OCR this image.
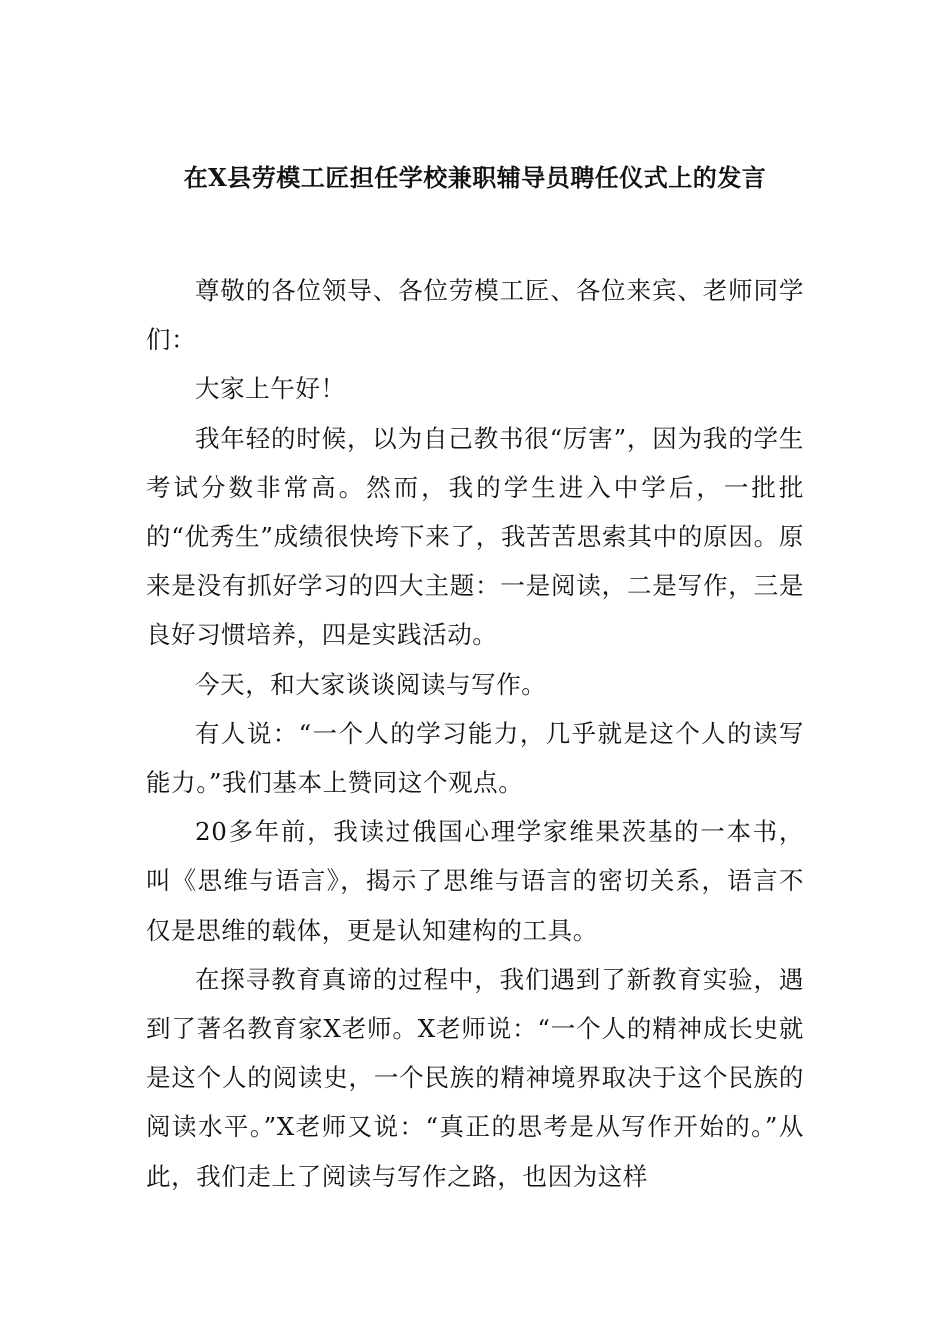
在X县劳模工匠担任学校兼职辅导员聘任仪式上的发言

尊敬的各位领导、各位劳模工匠、各位来宾、老师同学们：

大家上午好！

我年轻的时候，以为自己教书很“厉害”，因为我的学生考试分数非常高。然而，我的学生进入中学后，一批批的“优秀生”成绩很快垮下来了，我苦苦思索其中的原因。原来是没有抓好学习的四大主题：一是阅读，二是写作，三是良好习惯培养，四是实践活动。

今天，和大家谈谈阅读与写作。

有人说：“一个人的学习能力，几乎就是这个人的读写能力。”我们基本上赞同这个观点。

20多年前，我读过俄国心理学家维果茨基的一本书，叫《思维与语言》，揭示了思维与语言的密切关系，语言不仅是思维的载体，更是认知建构的工具。

在探寻教育真谛的过程中，我们遇到了新教育实验，遇到了著名教育家X老师。X老师说：“一个人的精神成长史就是这个人的阅读史，一个民族的精神境界取决于这个民族的阅读水平。”X老师又说：“真正的思考是从写作开始的。”从此，我们走上了阅读与写作之路，也因为这样
